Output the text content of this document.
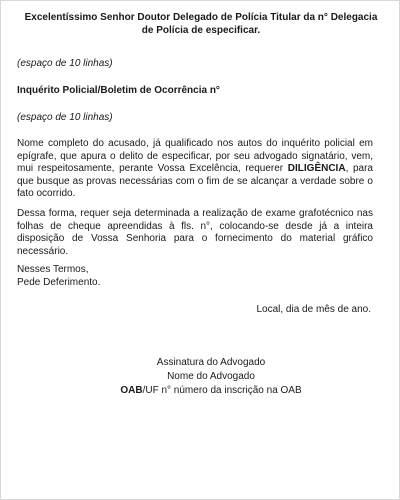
Excelentíssimo Senhor Doutor Delegado de Polícia Titular da n° Delegacia de Polícia de especificar.
(espaço de 10 linhas)
Inquérito Policial/Boletim de Ocorrência n°
(espaço de 10 linhas)
Nome completo do acusado, já qualificado nos autos do inquérito policial em epígrafe, que apura o delito de especificar, por seu advogado signatário, vem, mui respeitosamente, perante Vossa Excelência, requerer DILIGÊNCIA, para que busque as provas necessárias com o fim de se alcançar a verdade sobre o fato ocorrido.
Dessa forma, requer seja determinada a realização de exame grafotécnico nas folhas de cheque apreendidas à fls. n°, colocando-se desde já a inteira disposição de Vossa Senhoria para o fornecimento do material gráfico necessário.
Nesses Termos,
Pede Deferimento.
Local, dia de mês de ano.
Assinatura do Advogado
Nome do Advogado
OAB/UF n° número da inscrição na OAB
